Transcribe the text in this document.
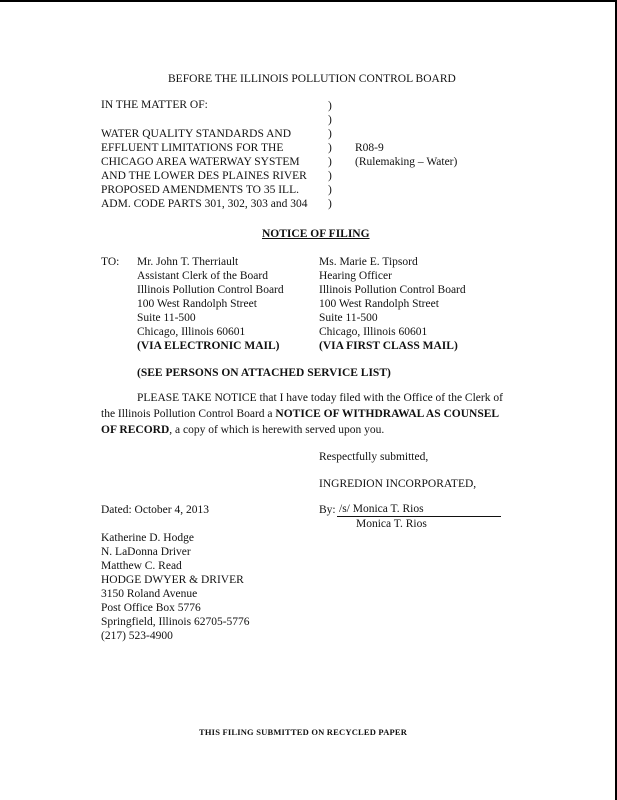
BEFORE THE ILLINOIS POLLUTION CONTROL BOARD
IN THE MATTER OF:
WATER QUALITY STANDARDS AND
EFFLUENT LIMITATIONS FOR THE
CHICAGO AREA WATERWAY SYSTEM
AND THE LOWER DES PLAINES RIVER
PROPOSED AMENDMENTS TO 35 ILL.
ADM. CODE PARTS 301, 302, 303 and 304
)
)
)
)
)
)
)
)
R08-9
(Rulemaking – Water)
NOTICE OF FILING
TO: Mr. John T. Therriault
Assistant Clerk of the Board
Illinois Pollution Control Board
100 West Randolph Street
Suite 11-500
Chicago, Illinois 60601
(VIA ELECTRONIC MAIL)
Ms. Marie E. Tipsord
Hearing Officer
Illinois Pollution Control Board
100 West Randolph Street
Suite 11-500
Chicago, Illinois 60601
(VIA FIRST CLASS MAIL)
(SEE PERSONS ON ATTACHED SERVICE LIST)
PLEASE TAKE NOTICE that I have today filed with the Office of the Clerk of
the Illinois Pollution Control Board a NOTICE OF WITHDRAWAL AS COUNSEL
OF RECORD, a copy of which is herewith served upon you.
Respectfully submitted,
INGREDION INCORPORATED,
Dated: October 4, 2013	By: /s/ Monica T. Rios
Monica T. Rios
Katherine D. Hodge
N. LaDonna Driver
Matthew C. Read
HODGE DWYER & DRIVER
3150 Roland Avenue
Post Office Box 5776
Springfield, Illinois 62705-5776
(217) 523-4900
THIS FILING SUBMITTED ON RECYCLED PAPER
